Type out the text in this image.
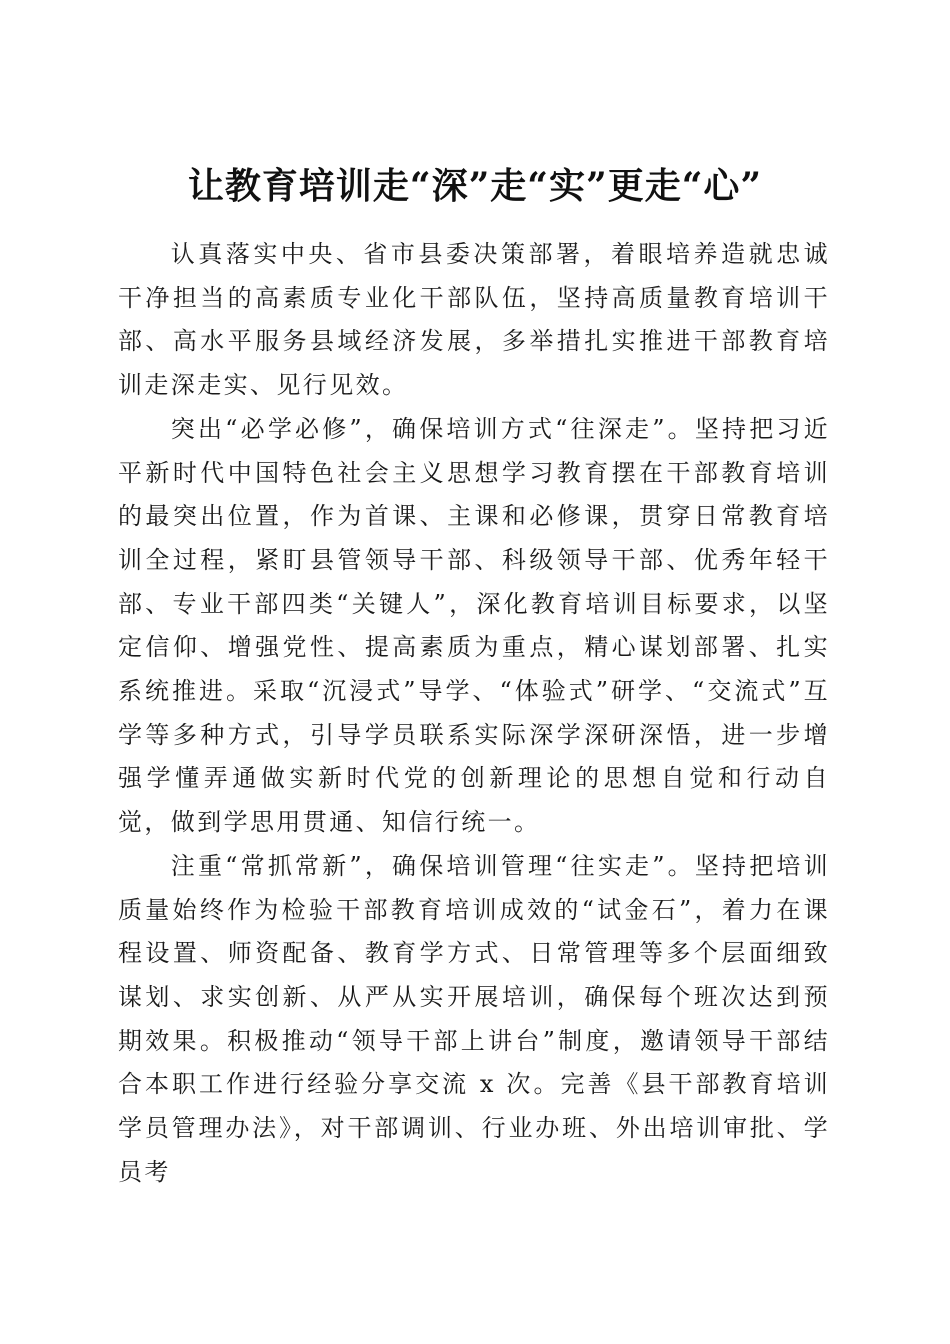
让教育培训走“深”走“实”更走“心”

认真落实中央、省市县委决策部署，着眼培养造就忠诚干净担当的高素质专业化干部队伍，坚持高质量教育培训干部、高水平服务县域经济发展，多举措扎实推进干部教育培训走深走实、见行见效。

突出“必学必修”，确保培训方式“往深走”。坚持把习近平新时代中国特色社会主义思想学习教育摆在干部教育培训的最突出位置，作为首课、主课和必修课，贯穿日常教育培训全过程，紧盯县管领导干部、科级领导干部、优秀年轻干部、专业干部四类“关键人”，深化教育培训目标要求，以坚定信仰、增强党性、提高素质为重点，精心谋划部署、扎实系统推进。采取“沉浸式”导学、“体验式”研学、“交流式”互学等多种方式，引导学员联系实际深学深研深悟，进一步增强学懂弄通做实新时代党的创新理论的思想自觉和行动自觉，做到学思用贯通、知信行统一。

注重“常抓常新”，确保培训管理“往实走”。坚持把培训质量始终作为检验干部教育培训成效的“试金石”，着力在课程设置、师资配备、教育学方式、日常管理等多个层面细致谋划、求实创新、从严从实开展培训，确保每个班次达到预期效果。积极推动“领导干部上讲台”制度，邀请领导干部结合本职工作进行经验分享交流 x 次。完善《县干部教育培训学员管理办法》，对干部调训、行业办班、外出培训审批、学员考
